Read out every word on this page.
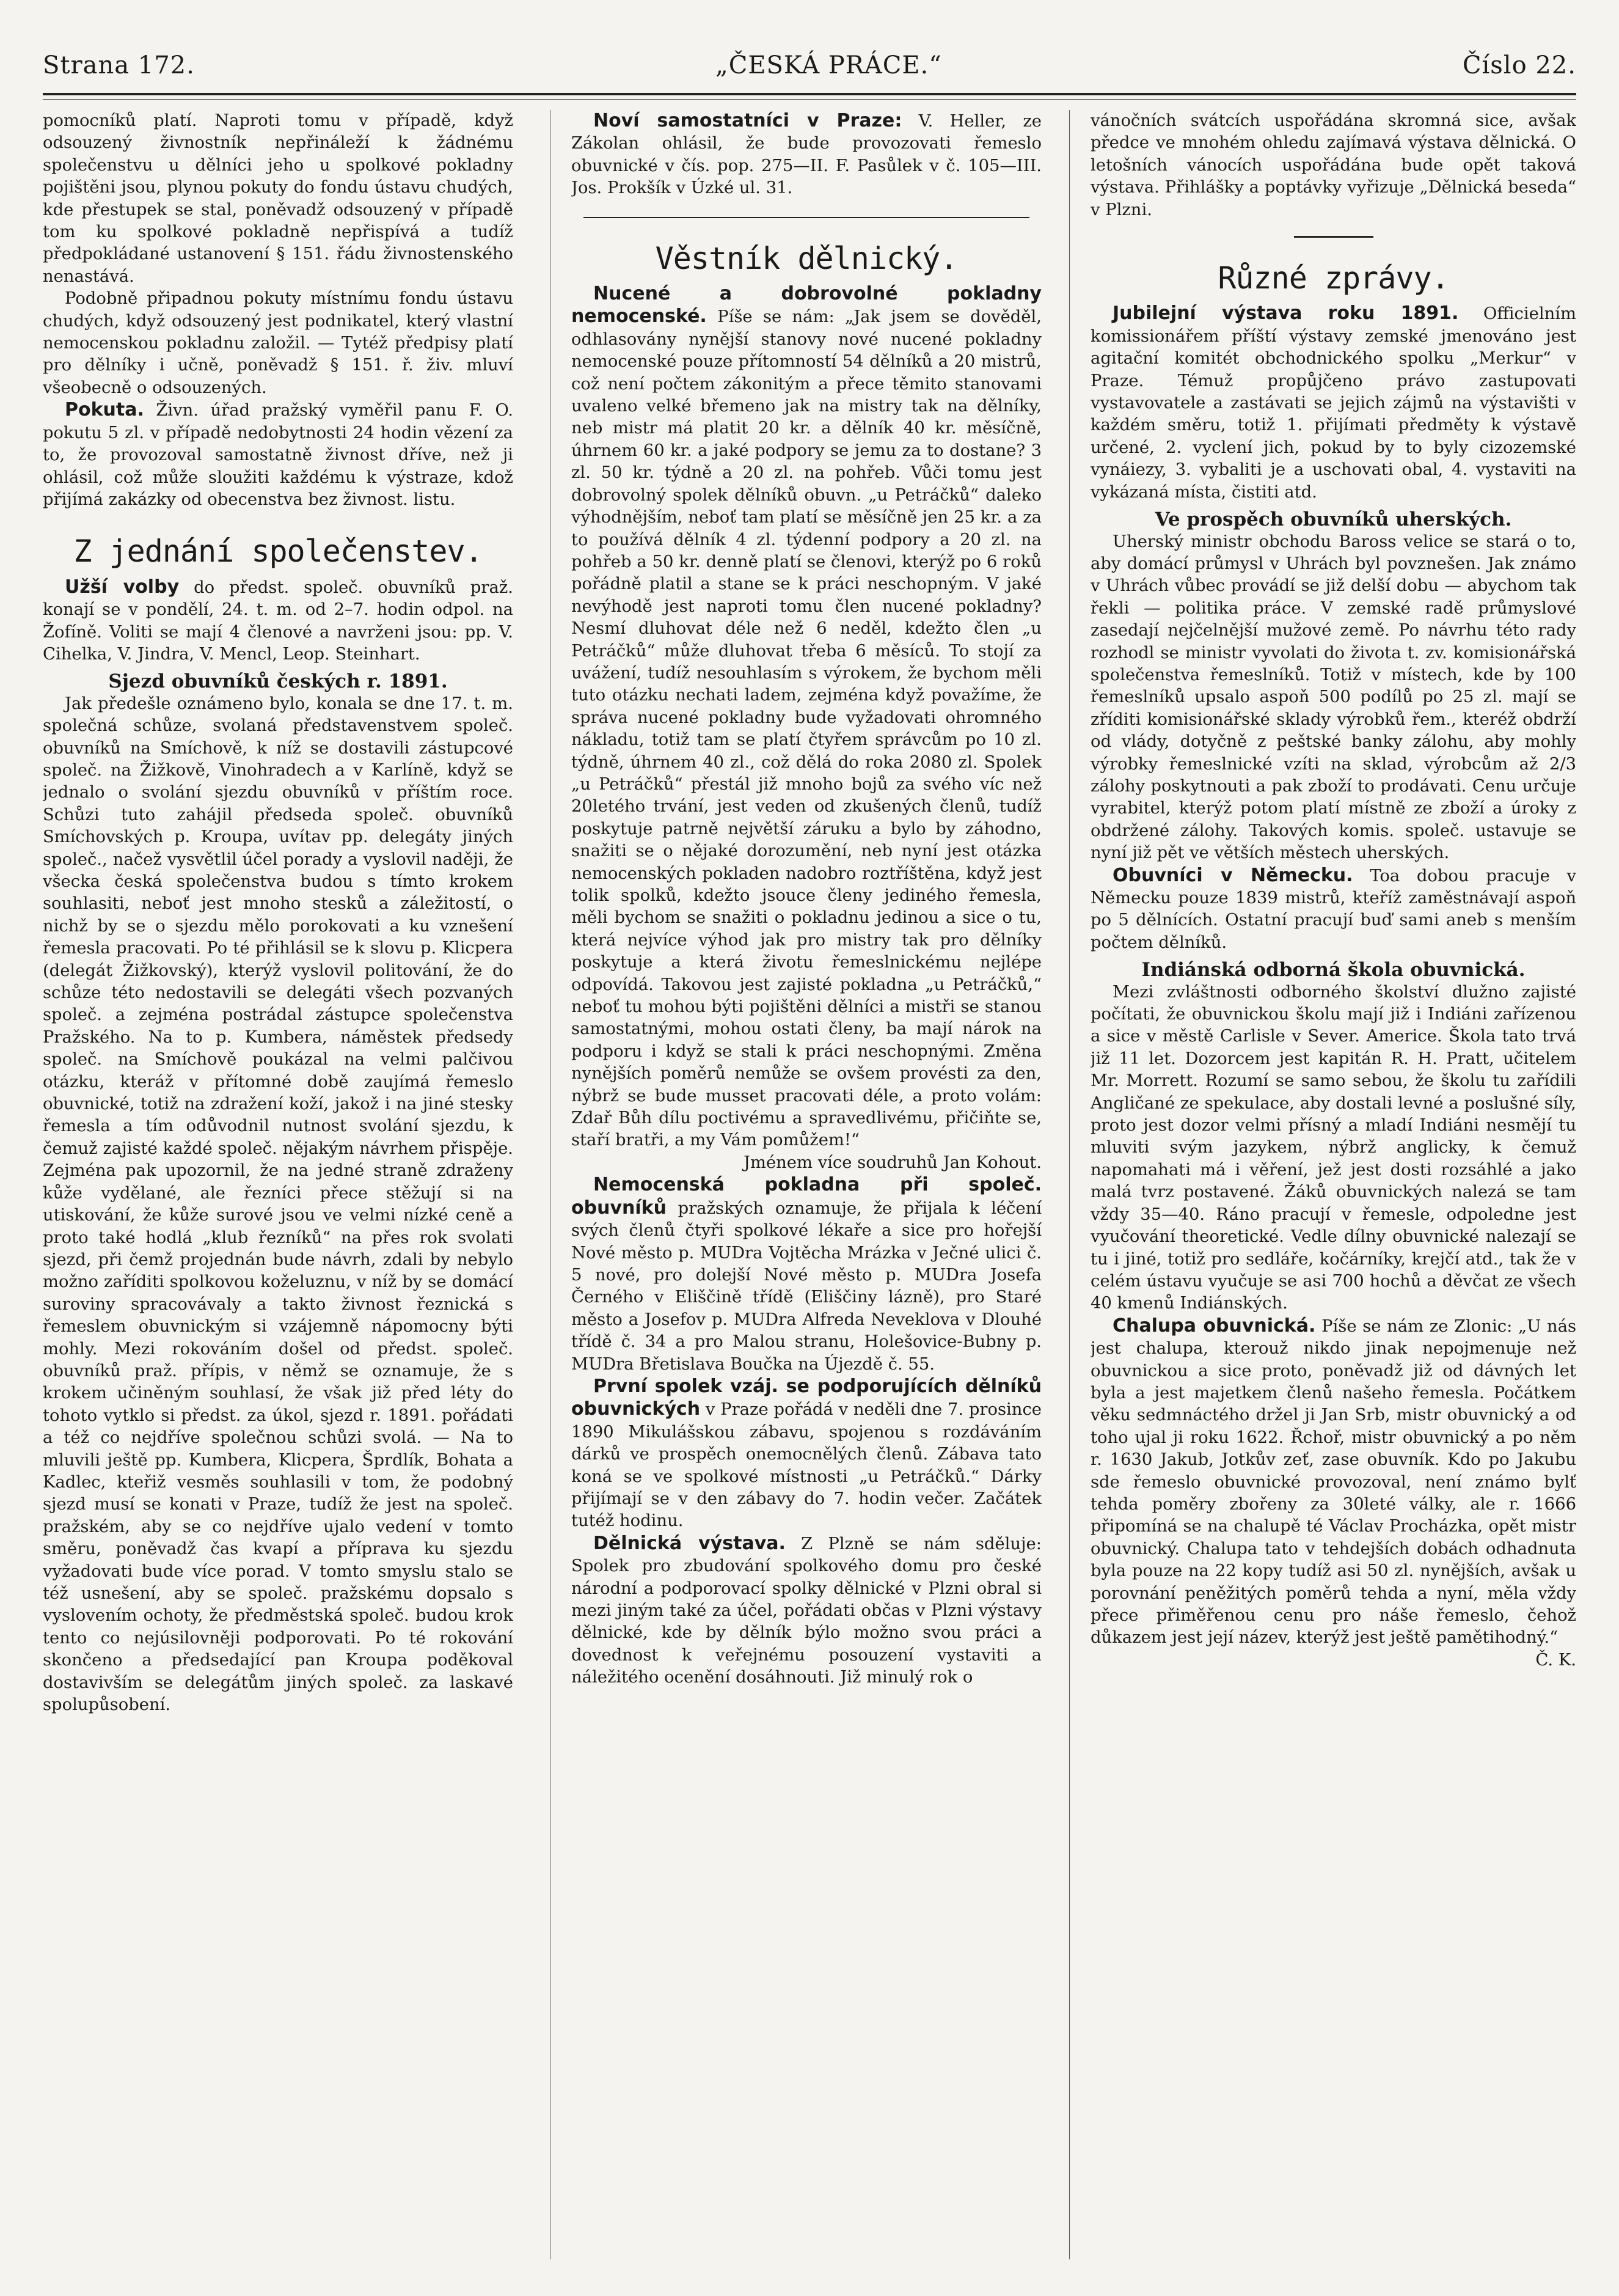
Strana 172.	„ČESKÁ PRÁCE.“	Číslo 22.

pomocníků platí. Naproti tomu v případě, když odsouzený živnostník nepřináleží k žádnému společenstvu u dělníci jeho u spolkové pokladny pojištěni jsou, plynou pokuty do fondu ústavu chudých, kde přestupek se stal, poněvadž odsouzený v případě tom ku spolkové pokladně nepřispívá a tudíž předpokládané ustanovení § 151. řádu živnostenského nenastává.

Podobně připadnou pokuty místnímu fondu ústavu chudých, když odsouzený jest podnikatel, který vlastní nemocenskou pokladnu založil. — Tytéž předpisy platí pro dělníky i učně, poněvadž § 151. ř. živ. mluví všeobecně o odsouzených.

Pokuta. Živn. úřad pražský vyměřil panu F. O. pokutu 5 zl. v případě nedobytnosti 24 hodin vězení za to, že provozoval samostatně živnost dříve, než ji ohlásil, což může sloužiti každému k výstraze, kdož přijímá zakázky od obecenstva bez živnost. listu.

Z jednání společenstev.

Užší volby do předst. společ. obuvníků praž. konají se v pondělí, 24. t. m. od 2–7. hodin odpol. na Žofíně. Voliti se mají 4 členové a navrženi jsou: pp. V. Cihelka, V. Jindra, V. Mencl, Leop. Steinhart.

Sjezd obuvníků českých r. 1891.

Jak předešle oznámeno bylo, konala se dne 17. t. m. společná schůze, svolaná představenstvem společ. obuvníků na Smíchově, k níž se dostavili zástupcové společ. na Žižkově, Vinohradech a v Karlíně, když se jednalo o svolání sjezdu obuvníků v příštím roce. Schůzi tuto zahájil předseda společ. obuvníků Smíchovských p. Kroupa, uvítav pp. delegáty jiných společ., načež vysvětlil účel porady a vyslovil naději, že všecka česká společenstva budou s tímto krokem souhlasiti, neboť jest mnoho stesků a záležitostí, o nichž by se o sjezdu mělo porokovati a ku vznešení řemesla pracovati. Po té přihlásil se k slovu p. Klicpera (delegát Žižkovský), kterýž vyslovil politování, že do schůze této nedostavili se delegáti všech pozvaných společ. a zejména postrádal zástupce společenstva Pražského. Na to p. Kumbera, náměstek předsedy společ. na Smíchově poukázal na velmi palčivou otázku, kteráž v přítomné době zaujímá řemeslo obuvnické, totiž na zdražení koží, jakož i na jiné stesky řemesla a tím odůvodnil nutnost svolání sjezdu, k čemuž zajisté každé společ. nějakým návrhem přispěje. Zejména pak upozornil, že na jedné straně zdraženy kůže vydělané, ale řezníci přece stěžují si na utiskování, že kůže surové jsou ve velmi nízké ceně a proto také hodlá „klub řezníků“ na přes rok svolati sjezd, při čemž projednán bude návrh, zdali by nebylo možno zaříditi spolkovou koželuznu, v níž by se domácí suroviny spracovávaly a takto živnost řeznická s řemeslem obuvnickým si vzájemně nápomocny býti mohly. Mezi rokováním došel od předst. společ. obuvníků praž. přípis, v němž se oznamuje, že s krokem učiněným souhlasí, že však již před léty do tohoto vytklo si předst. za úkol, sjezd r. 1891. pořádati a též co nejdříve společnou schůzi svolá. — Na to mluvili ještě pp. Kumbera, Klicpera, Šprdlík, Bohata a Kadlec, kteřiž vesměs souhlasili v tom, že podobný sjezd musí se konati v Praze, tudíž že jest na společ. pražském, aby se co nejdříve ujalo vedení v tomto směru, poněvadž čas kvapí a příprava ku sjezdu vyžadovati bude více porad. V tomto smyslu stalo se též usnešení, aby se společ. pražskému dopsalo s vyslovením ochoty, že předměstská společ. budou krok tento co nejúsilovněji podporovati. Po té rokování skončeno a předsedající pan Kroupa poděkoval dostavivším se delegátům jiných společ. za laskavé spolupůsobení.

Noví samostatníci v Praze: V. Heller, ze Zákolan ohlásil, že bude provozovati řemeslo obuvnické v čís. pop. 275—II. F. Pasůlek v č. 105—III. Jos. Prokšík v Úzké ul. 31.

Věstník dělnický.

Nucené a dobrovolné pokladny nemocenské. Píše se nám: „Jak jsem se dověděl, odhlasovány nynější stanovy nové nucené pokladny nemocenské pouze přítomností 54 dělníků a 20 mistrů, což není počtem zákonitým a přece těmito stanovami uvaleno velké břemeno jak na mistry tak na dělníky, neb mistr má platit 20 kr. a dělník 40 kr. měsíčně, úhrnem 60 kr. a jaké podpory se jemu za to dostane? 3 zl. 50 kr. týdně a 20 zl. na pohřeb. Vůči tomu jest dobrovolný spolek dělníků obuvn. „u Petráčků“ daleko výhodnějším, neboť tam platí se měsíčně jen 25 kr. a za to používá dělník 4 zl. týdenní podpory a 20 zl. na pohřeb a 50 kr. denně platí se členovi, kterýž po 6 roků pořádně platil a stane se k práci neschopným. V jaké nevýhodě jest naproti tomu člen nucené pokladny? Nesmí dluhovat déle než 6 neděl, kdežto člen „u Petráčků“ může dluhovat třeba 6 měsíců. To stojí za uvážení, tudíž nesouhlasím s výrokem, že bychom měli tuto otázku nechati ladem, zejména když považíme, že správa nucené pokladny bude vyžadovati ohromného nákladu, totiž tam se platí čtyřem správcům po 10 zl. týdně, úhrnem 40 zl., což dělá do roka 2080 zl. Spolek „u Petráčků“ přestál již mnoho bojů za svého víc než 20letého trvání, jest veden od zkušených členů, tudíž poskytuje patrně největší záruku a bylo by záhodno, snažiti se o nějaké dorozumění, neb nyní jest otázka nemocenských pokladen nadobro roztříštěna, když jest tolik spolků, kdežto jsouce členy jediného řemesla, měli bychom se snažiti o pokladnu jedinou a sice o tu, která nejvíce výhod jak pro mistry tak pro dělníky poskytuje a která životu řemeslnickému nejlépe odpovídá. Takovou jest zajisté pokladna „u Petráčků,“ neboť tu mohou býti pojištěni dělníci a mistři se stanou samostatnými, mohou ostati členy, ba mají nárok na podporu i když se stali k práci neschopnými. Změna nynějších poměrů nemůže se ovšem provésti za den, nýbrž se bude musset pracovati déle, a proto volám: Zdař Bůh dílu poctivému a spravedlivému, přičiňte se, staří bratři, a my Vám pomůžem!“

Jménem více soudruhů Jan Kohout.

Nemocenská pokladna při společ. obuvníků pražských oznamuje, že přijala k léčení svých členů čtyři spolkové lékaře a sice pro hořejší Nové město p. MUDra Vojtěcha Mrázka v Ječné ulici č. 5 nové, pro dolejší Nové město p. MUDra Josefa Černého v Eliščině třídě (Eliščiny lázně), pro Staré město a Josefov p. MUDra Alfreda Neveklova v Dlouhé třídě č. 34 a pro Malou stranu, Holešovice-Bubny p. MUDra Břetislava Boučka na Újezdě č. 55.

První spolek vzáj. se podporujících dělníků obuvnických v Praze pořádá v neděli dne 7. prosince 1890 Mikulášskou zábavu, spojenou s rozdáváním dárků ve prospěch onemocnělých členů. Zábava tato koná se ve spolkové místnosti „u Petráčků.“ Dárky přijímají se v den zábavy do 7. hodin večer. Začátek tutéž hodinu.

Dělnická výstava. Z Plzně se nám sděluje: Spolek pro zbudování spolkového domu pro české národní a podporovací spolky dělnické v Plzni obral si mezi jiným také za účel, pořádati občas v Plzni výstavy dělnické, kde by dělník býlo možno svou práci a dovednost k veřejnému posouzení vystaviti a náležitého ocenění dosáhnouti. Již minulý rok o

vánočních svátcích uspořádána skromná sice, avšak předce ve mnohém ohledu zajímavá výstava dělnická. O letošních vánocích uspořádána bude opět taková výstava. Přihlášky a poptávky vyřizuje „Dělnická beseda“ v Plzni.

Různé zprávy.

Jubilejní výstava roku 1891. Officielním komissionářem příští výstavy zemské jmenováno jest agitační komitét obchodnického spolku „Merkur“ v Praze. Témuž propůjčeno právo zastupovati vystavovatele a zastávati se jejich zájmů na výstavišti v každém směru, totiž 1. přijímati předměty k výstavě určené, 2. vyclení jich, pokud by to byly cizozemské vynáiezy, 3. vybaliti je a uschovati obal, 4. vystaviti na vykázaná místa, čistiti atd.

Ve prospěch obuvníků uherských.

Uherský ministr obchodu Baross velice se stará o to, aby domácí průmysl v Uhrách byl povznešen. Jak známo v Uhrách vůbec provádí se již delší dobu — abychom tak řekli — politika práce. V zemské radě průmyslové zasedají nejčelnější mužové země. Po návrhu této rady rozhodl se ministr vyvolati do života t. zv. komisionářská společenstva řemeslníků. Totiž v místech, kde by 100 řemeslníků upsalo aspoň 500 podílů po 25 zl. mají se zříditi komisionářské sklady výrobků řem., kteréž obdrží od vlády, dotyčně z peštské banky zálohu, aby mohly výrobky řemeslnické vzíti na sklad, výrobcům až 2/3 zálohy poskytnouti a pak zboží to prodávati. Cenu určuje vyrabitel, kterýž potom platí místně ze zboží a úroky z obdržené zálohy. Takových komis. společ. ustavuje se nyní již pět ve větších městech uherských.

Obuvníci v Německu. Toa dobou pracuje v Německu pouze 1839 mistrů, kteříž zaměstnávají aspoň po 5 dělnících. Ostatní pracují buď sami aneb s menším počtem dělníků.

Indiánská odborná škola obuvnická.

Mezi zvláštnosti odborného školství dlužno zajisté počítati, že obuvnickou školu mají již i Indiáni zařízenou a sice v městě Carlisle v Sever. Americe. Škola tato trvá již 11 let. Dozorcem jest kapitán R. H. Pratt, učitelem Mr. Morrett. Rozumí se samo sebou, že školu tu zařídili Angličané ze spekulace, aby dostali levné a poslušné síly, proto jest dozor velmi přísný a mladí Indiáni nesmějí tu mluviti svým jazykem, nýbrž anglicky, k čemuž napomahati má i věření, jež jest dosti rozsáhlé a jako malá tvrz postavené. Žáků obuvnických nalezá se tam vždy 35—40. Ráno pracují v řemesle, odpoledne jest vyučování theoretické. Vedle dílny obuvnické nalezají se tu i jiné, totiž pro sedláře, kočárníky, krejčí atd., tak že v celém ústavu vyučuje se asi 700 hochů a děvčat ze všech 40 kmenů Indiánských.

Chalupa obuvnická. Píše se nám ze Zlonic: „U nás jest chalupa, kterouž nikdo jinak nepojmenuje než obuvnickou a sice proto, poněvadž již od dávných let byla a jest majetkem členů našeho řemesla. Počátkem věku sedmnáctého držel ji Jan Srb, mistr obuvnický a od toho ujal ji roku 1622. Řchoř, mistr obuvnický a po něm r. 1630 Jakub, Jotkův zeť, zase obuvník. Kdo po Jakubu sde řemeslo obuvnické provozoval, není známo bylť tehda poměry zbořeny za 30leté války, ale r. 1666 připomíná se na chalupě té Václav Procházka, opět mistr obuvnický. Chalupa tato v tehdejších dobách odhadnuta byla pouze na 22 kopy tudíž asi 50 zl. nynějších, avšak u porovnání peněžitých poměrů tehda a nyní, měla vždy přece přiměřenou cenu pro náše řemeslo, čehož důkazem jest její název, kterýž jest ještě pamětihodný.“

Č. K.
